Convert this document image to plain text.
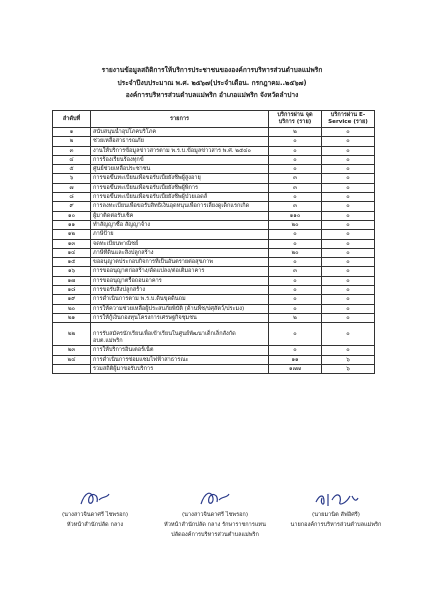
รายงานข้อมูลสถิติการให้บริการประชาชนขององค์การบริหารส่วนตำบลแม่พริก
ประจำปีงบประมาณ พ.ศ. ๒๕๖๗(ประจำเดือน. กรกฎาคม..๒๕๖๗)
องค์การบริหารส่วนตำบลแม่พริก อำเภอแม่พริก จังหวัดลำปาง
ลำดับที่	รายการ	บริการผ่าน จุดบริการ (ราย)	บริการผ่าน E-Service (ราย)
๑	สนับสนุนน้ำอุปโภคบริโภค	๒	๐
๒	ช่วยเหลือสาธารณภัย	๐	๐
๓	งานให้บริการข้อมูลข่าวสารตาม พ.ร.บ.ข้อมูลข่าวสาร พ.ศ. ๒๕๔๐	๐	๐
๔	การร้องเรียนร้องทุกข์	๐	๐
๕	ศูนย์ช่วยเหลือประชาชน	๐	๐
๖	การขอขึ้นทะเบียนเพื่อขอรับเบี้ยยังชีพผู้สูงอายุ	๓	๐
๗	การขอขึ้นทะเบียนเพื่อขอรับเบี้ยยังชีพผู้พิการ	๓	๐
๘	การขอขึ้นทะเบียนเพื่อขอรับเบี้ยยังชีพผู้ป่วยเอดส์	๐	๐
๙	การลงทะเบียนเพื่อขอรับสิทธิเงินอุดหนุนเพื่อการเลี้ยงดูเด็กแรกเกิด	๓	๐
๑๐	ผู้มาติดต่อรับเช็ค	๑๑๐	๐
๑๑	ทำสัญญาซื้อ สัญญาจ้าง	๒๐	๐
๑๒	ภาษีป้าย	๐	๐
๑๓	จดทะเบียนพาณิชย์	๐	๐
๑๔	ภาษีที่ดินและสิ่งปลูกสร้าง	๒๐	๐
๑๕	ขออนุญาตประกอบกิจการที่เป็นอันตรายต่อสุขภาพ	๐	๐
๑๖	การขออนุญาตก่อสร้าง/ดัดแปลง/ต่อเติมอาคาร	๓	๐
๑๗	การขออนุญาตรื้อถอนอาคาร	๐	๐
๑๘	การขอรับสิ่งปลูกสร้าง	๐	๐
๑๙	การดำเนินการตาม พ.ร.บ.ดินขุดดินถม	๐	๐
๒๐	การให้ความช่วยเหลือผู้ประสบภัยพิบัติ (ด้านพืช/ปศุสัตว์/ประมง)	๐	๐
๒๑	การให้กู้เงินกองทุนโครงการเศรษฐกิจชุมชน	๒	๐
๒๒	การรับสมัครนักเรียนเพื่อเข้าเรียนในศูนย์พัฒนาเด็กเล็กสังกัด อบต.แม่พริก	๐	๐
๒๓	การให้บริการอินเตอร์เน็ต	๐	๐
๒๔	การดำเนินการซ่อมแซมไฟฟ้าสาธารณะ	๑๑	๖
	รวมสถิติผู้มาขอรับบริการ	๑๗๗	๖
(นางสาวจินดาศรี ไชพรอก)
หัวหน้าสำนักปลัด กลาง
(นางสาวจินดาศรี ไชพรอก)
หัวหน้าสำนักปลัด กลาง รักษาราชการแทน
ปลัดองค์การบริหารส่วนตำบลแม่พริก
(นายมานิต สัฟอิศรี)
นายกองค์การบริหารส่วนตำบลแม่พริก
